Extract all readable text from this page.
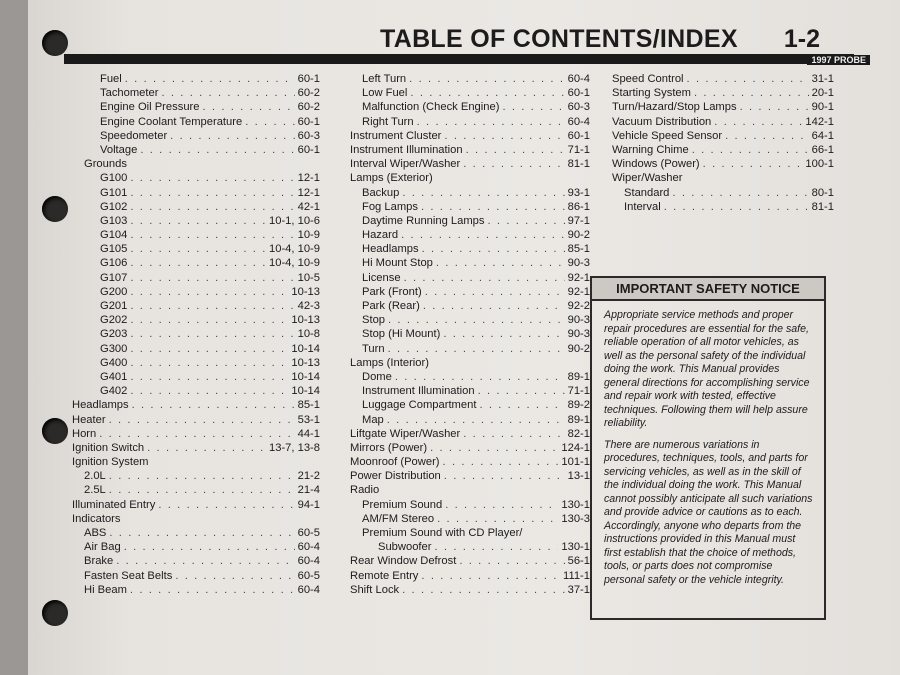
TABLE OF CONTENTS/INDEX 1-2
1997 PROBE
Fuel . . .	60-1
Tachometer . . .	60-2
Engine Oil Pressure . . .	60-2
Engine Coolant Temperature . . .	60-1
Speedometer . . .	60-3
Voltage . . .	60-1
Grounds
G100 . . .	12-1
G101 . . .	12-1
G102 . . .	42-1
G103 . . .	10-1, 10-6
G104 . . .	10-9
G105 . . .	10-4, 10-9
G106 . . .	10-4, 10-9
G107 . . .	10-5
G200 . . .	10-13
G201 . . .	42-3
G202 . . .	10-13
G203 . . .	10-8
G300 . . .	10-14
G400 . . .	10-13
G401 . . .	10-14
G402 . . .	10-14
Headlamps . . .	85-1
Heater . . .	53-1
Horn . . .	44-1
Ignition Switch . . .	13-7, 13-8
Ignition System
2.0L . . .	21-2
2.5L . . .	21-4
Illuminated Entry . . .	94-1
Indicators
ABS . . .	60-5
Air Bag . . .	60-4
Brake . . .	60-4
Fasten Seat Belts . . .	60-5
Hi Beam . . .	60-4
Left Turn . . .	60-4
Low Fuel . . .	60-1
Malfunction (Check Engine) . . .	60-3
Right Turn . . .	60-4
Instrument Cluster . . .	60-1
Instrument Illumination . . .	71-1
Interval Wiper/Washer . . .	81-1
Lamps (Exterior)
Backup . . .	93-1
Fog Lamps . . .	86-1
Daytime Running Lamps . . .	97-1
Hazard . . .	90-2
Headlamps . . .	85-1
Hi Mount Stop . . .	90-3
License . . .	92-1
Park (Front) . . .	92-1
Park (Rear) . . .	92-2
Stop . . .	90-3
Stop (Hi Mount) . . .	90-3
Turn . . .	90-2
Lamps (Interior)
Dome . . .	89-1
Instrument Illumination . . .	71-1
Luggage Compartment . . .	89-2
Map . . .	89-1
Liftgate Wiper/Washer . . .	82-1
Mirrors (Power) . . .	124-1
Moonroof (Power) . . .	101-1
Power Distribution . . .	13-1
Radio
Premium Sound . . .	130-1
AM/FM Stereo . . .	130-3
Premium Sound with CD Player/
Subwoofer . . .	130-1
Rear Window Defrost . . .	56-1
Remote Entry . . .	111-1
Shift Lock . . .	37-1
Speed Control . . .	31-1
Starting System . . .	20-1
Turn/Hazard/Stop Lamps . . .	90-1
Vacuum Distribution . . .	142-1
Vehicle Speed Sensor . . .	64-1
Warning Chime . . .	66-1
Windows (Power) . . .	100-1
Wiper/Washer
Standard . . .	80-1
Interval . . .	81-1
IMPORTANT SAFETY NOTICE

Appropriate service methods and proper repair procedures are essential for the safe, reliable operation of all motor vehicles, as well as the personal safety of the individual doing the work. This Manual provides general directions for accomplishing service and repair work with tested, effective techniques. Following them will help assure reliability.

There are numerous variations in procedures, techniques, tools, and parts for servicing vehicles, as well as in the skill of the individual doing the work. This Manual cannot possibly anticipate all such variations and provide advice or cautions as to each. Accordingly, anyone who departs from the instructions provided in this Manual must first establish that the choice of methods, tools, or parts does not compromise personal safety or the vehicle integrity.
